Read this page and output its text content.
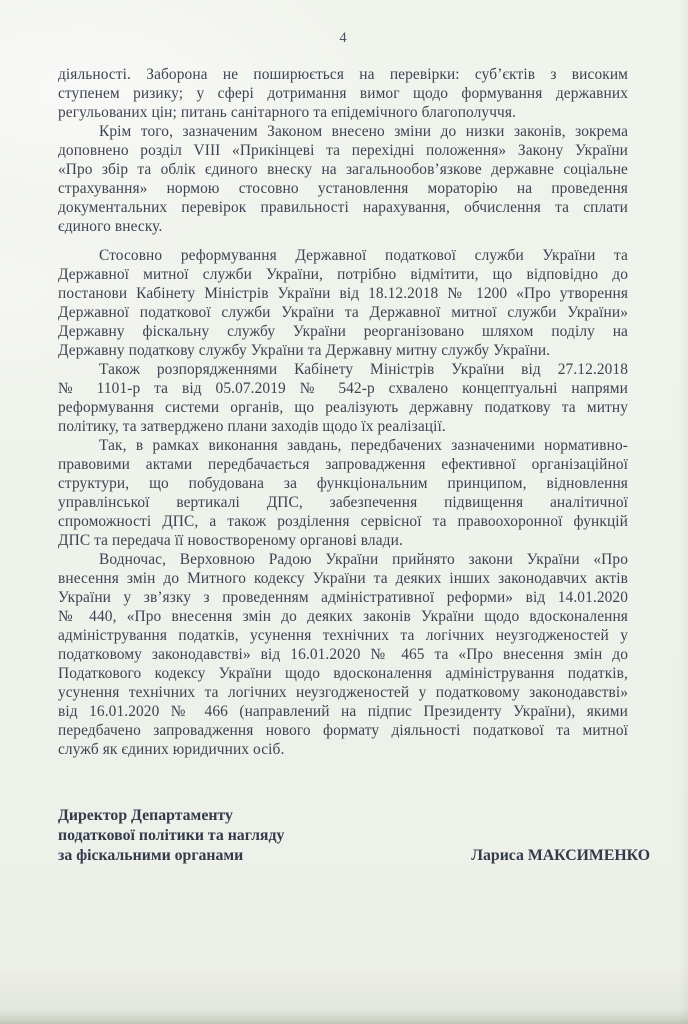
4
діяльності. Заборона не поширюється на перевірки: суб’єктів з високим
ступенем ризику; у сфері дотримання вимог щодо формування державних
регульованих цін; питань санітарного та епідемічного благополуччя.
Крім того, зазначеним Законом внесено зміни до низки законів, зокрема
доповнено розділ VIII «Прикінцеві та перехідні положення» Закону України
«Про збір та облік єдиного внеску на загальнообов’язкове державне соціальне
страхування» нормою стосовно установлення мораторію на проведення
документальних перевірок правильності нарахування, обчислення та сплати
єдиного внеску.
Стосовно реформування Державної податкової служби України та
Державної митної служби України, потрібно відмітити, що відповідно до
постанови Кабінету Міністрів України від 18.12.2018 № 1200 «Про утворення
Державної податкової служби України та Державної митної служби України»
Державну фіскальну службу України реорганізовано шляхом поділу на
Державну податкову службу України та Державну митну службу України.
Також розпорядженнями Кабінету Міністрів України від 27.12.2018
№ 1101-р та від 05.07.2019 № 542-р схвалено концептуальні напрями
реформування системи органів, що реалізують державну податкову та митну
політику, та затверджено плани заходів щодо їх реалізації.
Так, в рамках виконання завдань, передбачених зазначеними нормативно-
правовими актами передбачається запровадження ефективної організаційної
структури, що побудована за функціональним принципом, відновлення
управлінської вертикалі ДПС, забезпечення підвищення аналітичної
спроможності ДПС, а також розділення сервісної та правоохоронної функцій
ДПС та передача її новоствореному органові влади.
Водночас, Верховною Радою України прийнято закони України «Про
внесення змін до Митного кодексу України та деяких інших законодавчих актів
України у зв’язку з проведенням адміністративної реформи» від 14.01.2020
№ 440, «Про внесення змін до деяких законів України щодо вдосконалення
адміністрування податків, усунення технічних та логічних неузгодженостей у
податковому законодавстві» від 16.01.2020 № 465 та «Про внесення змін до
Податкового кодексу України щодо вдосконалення адміністрування податків,
усунення технічних та логічних неузгодженостей у податковому законодавстві»
від 16.01.2020 № 466 (направлений на підпис Президенту України), якими
передбачено запровадження нового формату діяльності податкової та митної
служб як єдиних юридичних осіб.
Директор Департаменту
податкової політики та нагляду
за фіскальними органами	Лариса МАКСИМЕНКО
